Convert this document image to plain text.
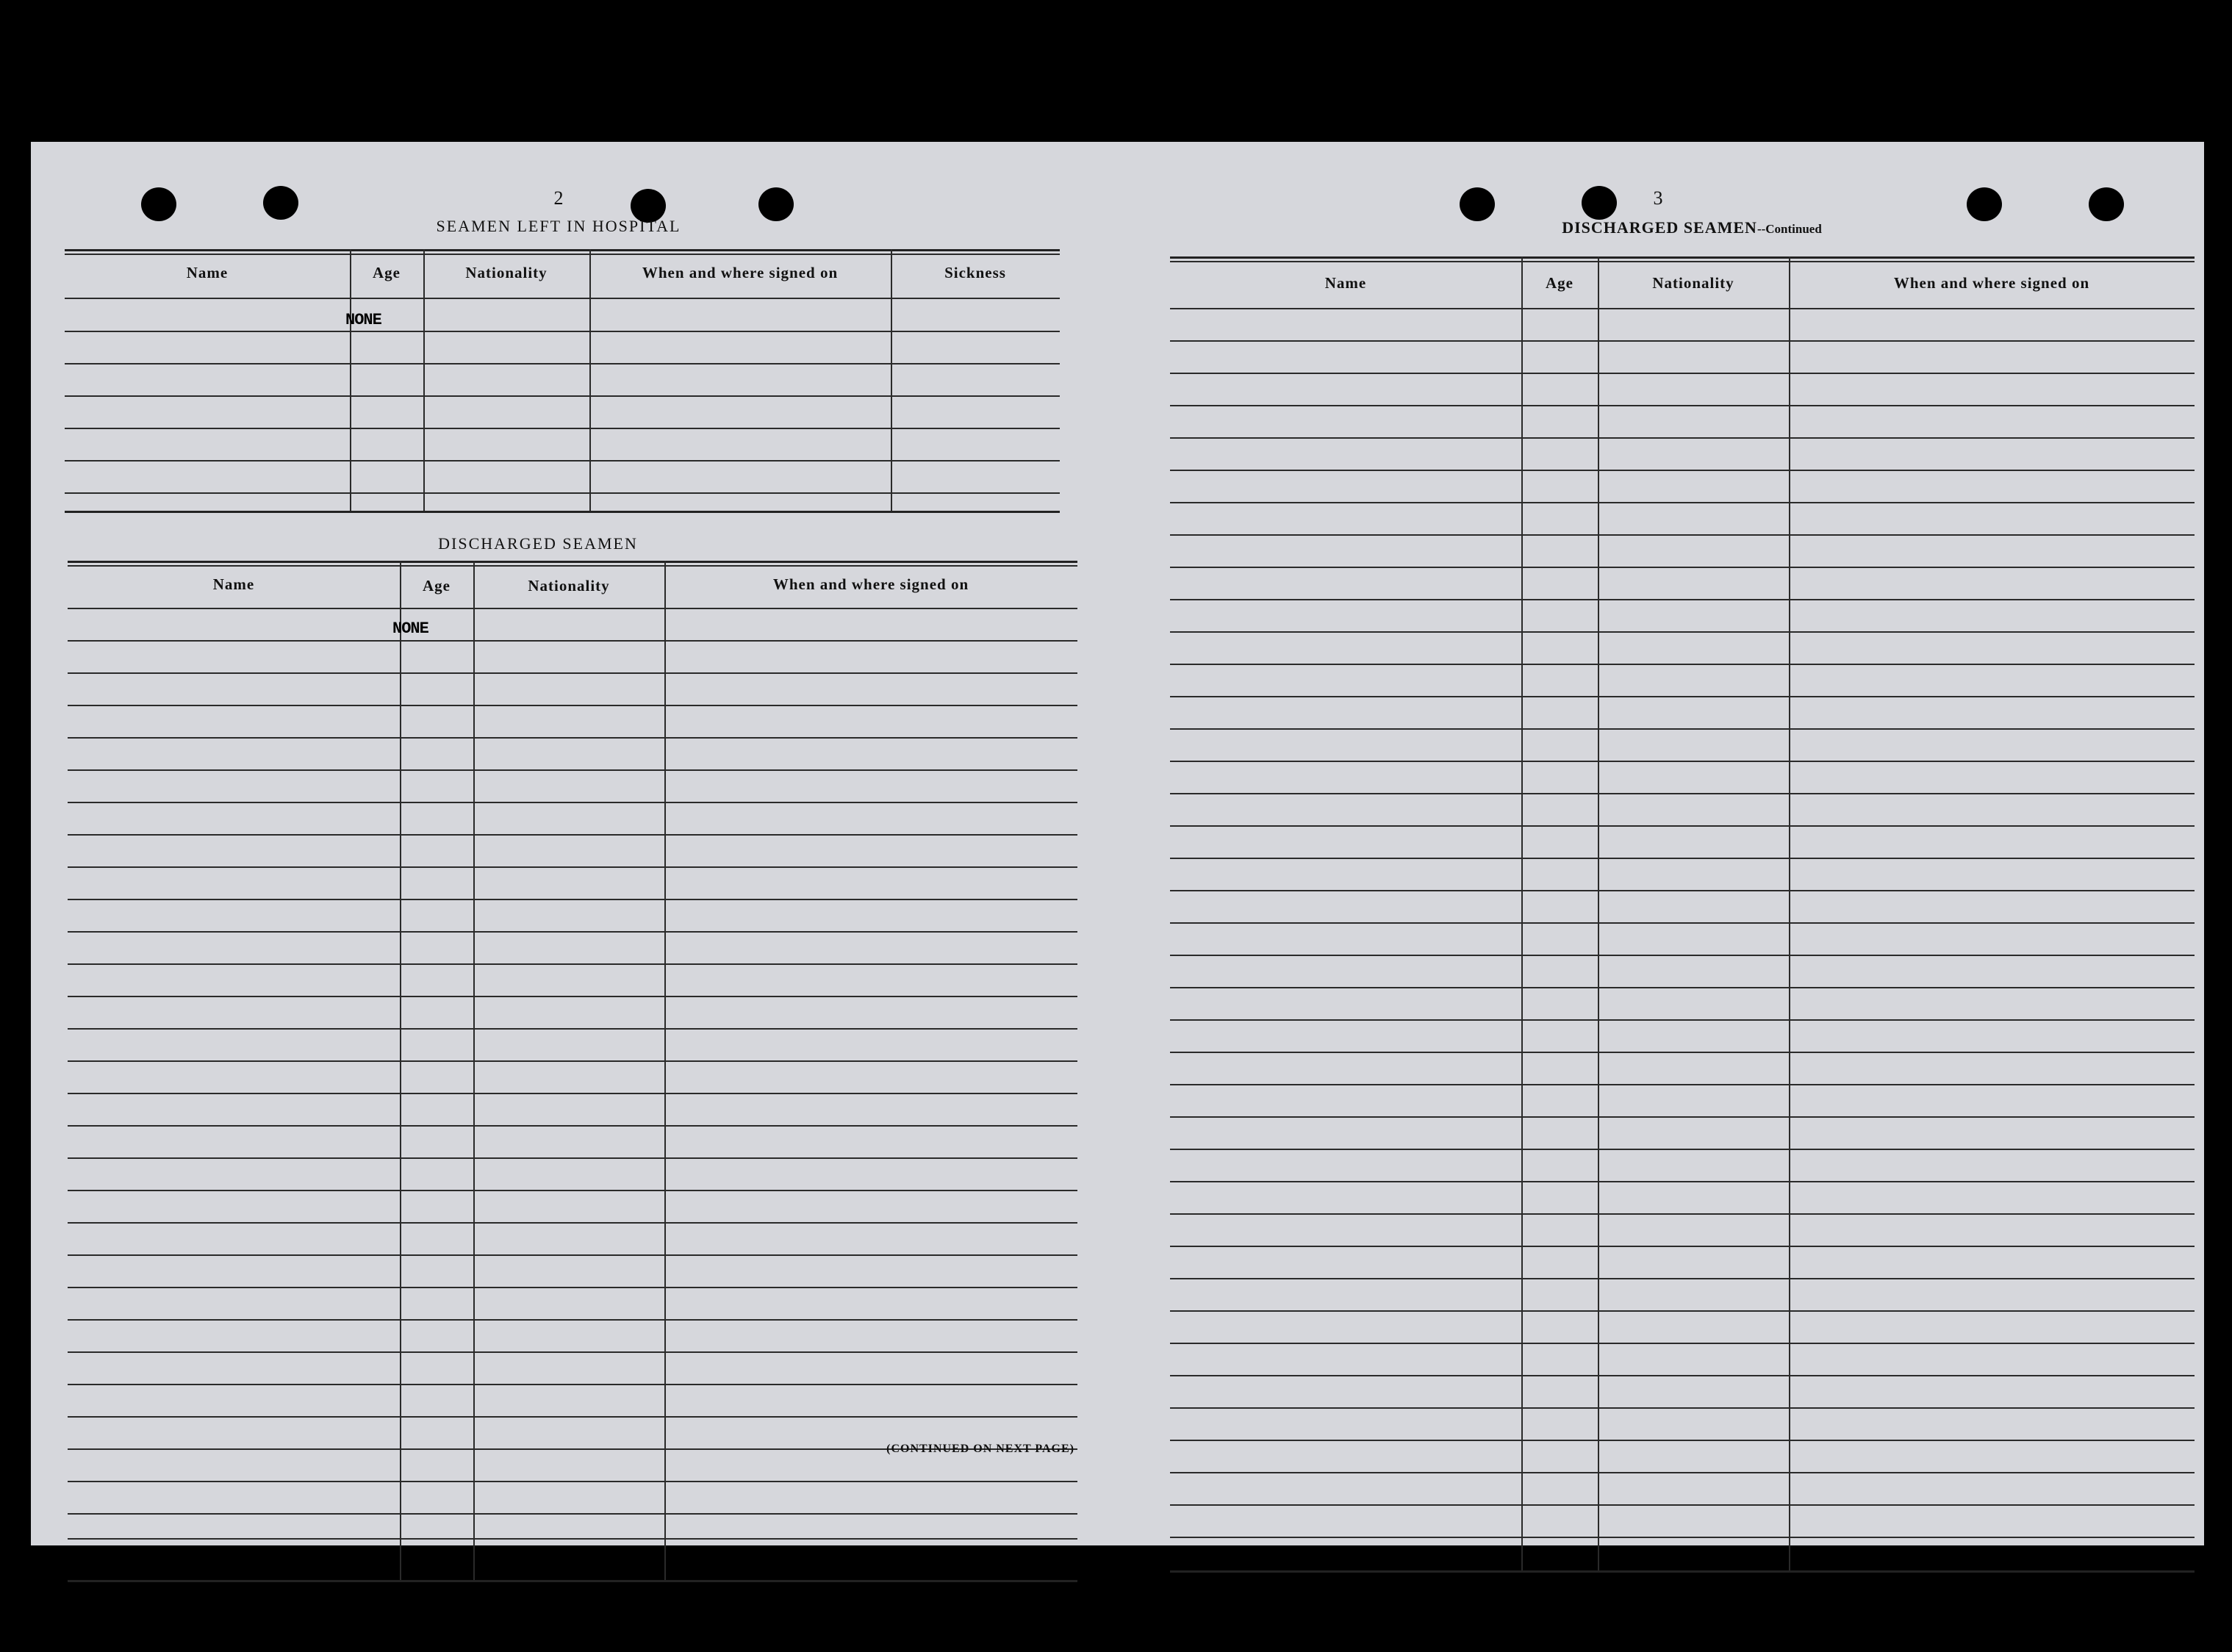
2
SEAMEN LEFT IN HOSPITAL
Name	Age	Nationality	When and where signed on	Sickness
NONE
DISCHARGED SEAMEN
Name	Age	Nationality	When and where signed on
NONE
(CONTINUED ON NEXT PAGE)
3
DISCHARGED SEAMEN--Continued
Name	Age	Nationality	When and where signed on
